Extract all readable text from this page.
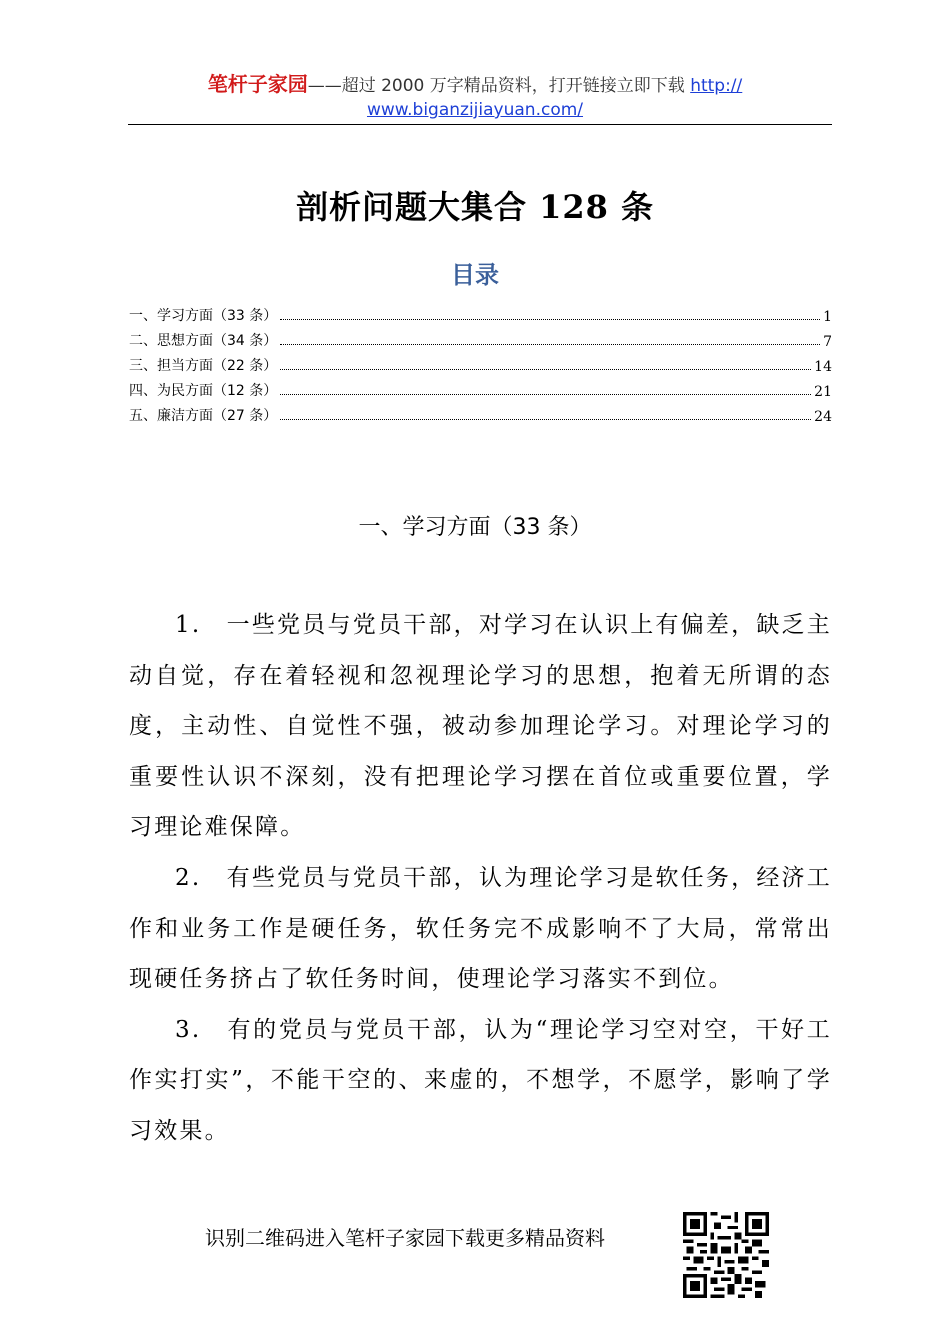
笔杆子家园——超过 2000 万字精品资料，打开链接立即下载 http://
www.biganzijiayuan.com/
剖析问题大集合 128 条
目录
一、学习方面（33 条）	1
二、思想方面（34 条）	7
三、担当方面（22 条）	14
四、为民方面（12 条）	21
五、廉洁方面（27 条）	24
一、学习方面（33 条）

1.　一些党员与党员干部，对学习在认识上有偏差，缺乏主动自觉，存在着轻视和忽视理论学习的思想，抱着无所谓的态度，主动性、自觉性不强，被动参加理论学习。对理论学习的重要性认识不深刻，没有把理论学习摆在首位或重要位置，学习理论难保障。

2.　有些党员与党员干部，认为理论学习是软任务，经济工作和业务工作是硬任务，软任务完不成影响不了大局，常常出现硬任务挤占了软任务时间，使理论学习落实不到位。

3.　有的党员与党员干部，认为“理论学习空对空，干好工作实打实”，不能干空的、来虚的，不想学，不愿学，影响了学习效果。

识别二维码进入笔杆子家园下载更多精品资料
